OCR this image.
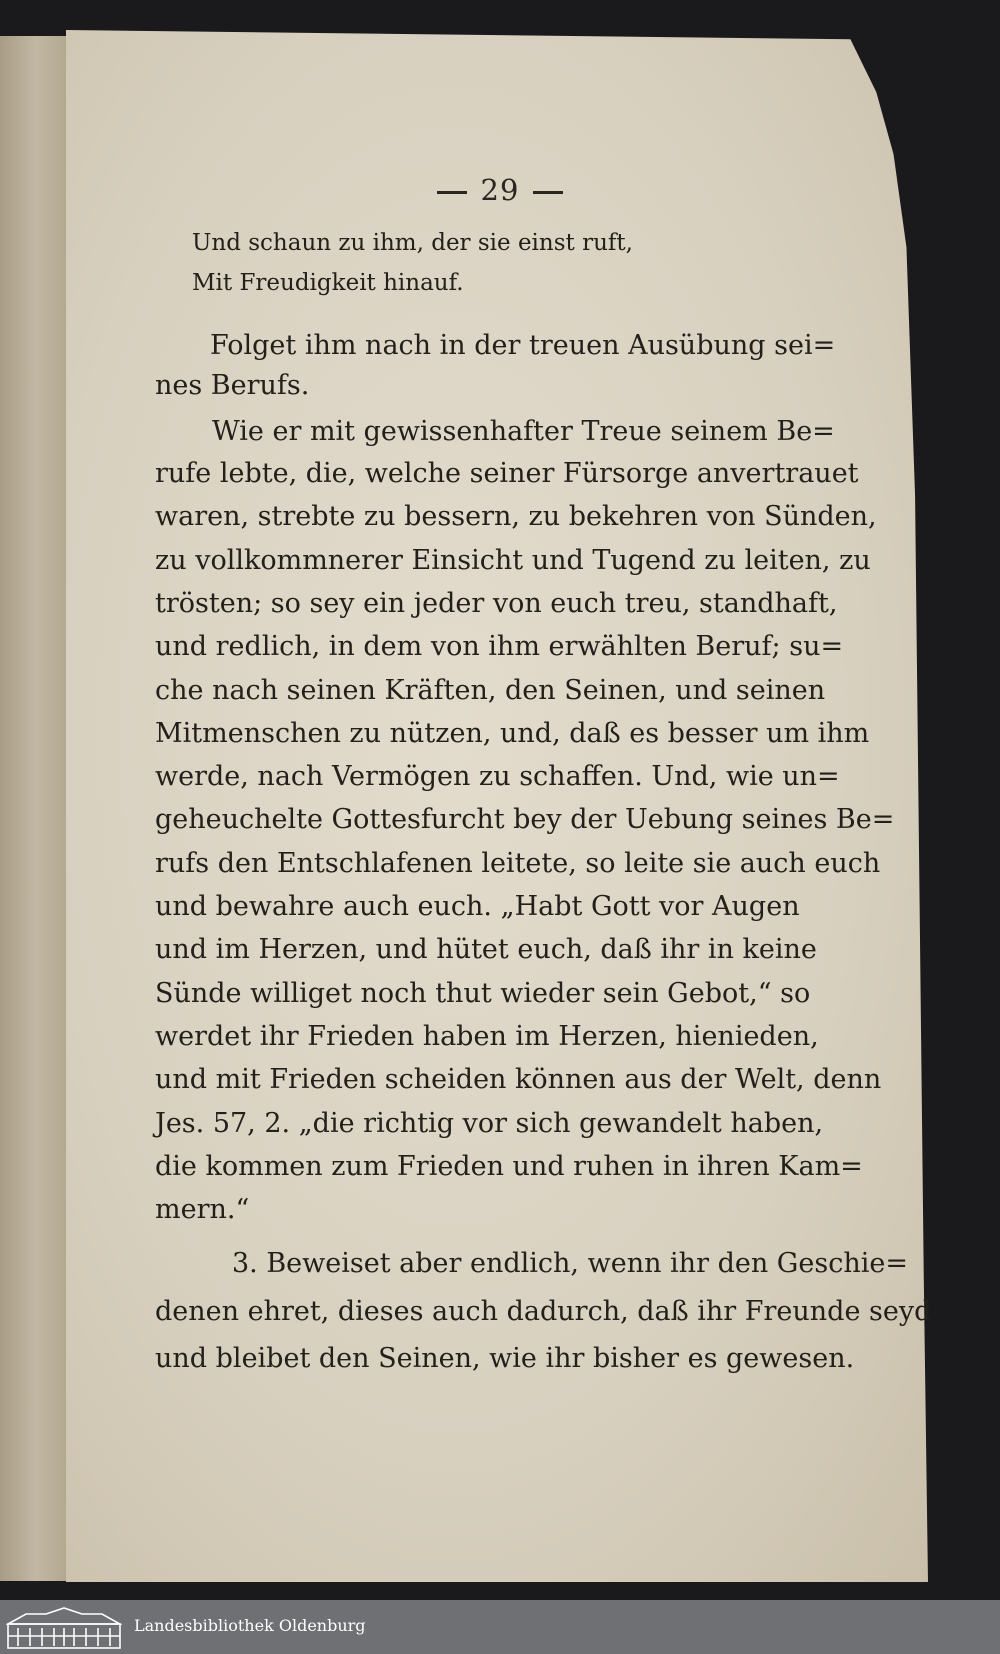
29
Und schaun zu ihm, der sie einst ruft,
Mit Freudigkeit hinauf.
Folget ihm nach in der treuen Ausübung sei=
nes Berufs.
Wie er mit gewissenhafter Treue seinem Be=
rufe lebte, die, welche seiner Fürsorge anvertrauet
waren, strebte zu bessern, zu bekehren von Sünden,
zu vollkommnerer Einsicht und Tugend zu leiten, zu
trösten; so sey ein jeder von euch treu, standhaft,
und redlich, in dem von ihm erwählten Beruf; su=
che nach seinen Kräften, den Seinen, und seinen
Mitmenschen zu nützen, und, daß es besser um ihm
werde, nach Vermögen zu schaffen. Und, wie un=
geheuchelte Gottesfurcht bey der Uebung seines Be=
rufs den Entschlafenen leitete, so leite sie auch euch
und bewahre auch euch. „Habt Gott vor Augen
und im Herzen, und hütet euch, daß ihr in keine
Sünde williget noch thut wieder sein Gebot,“ so
werdet ihr Frieden haben im Herzen, hienieden,
und mit Frieden scheiden können aus der Welt, denn
Jes. 57, 2. „die richtig vor sich gewandelt haben,
die kommen zum Frieden und ruhen in ihren Kam=
mern.“
3. Beweiset aber endlich, wenn ihr den Geschie=
denen ehret, dieses auch dadurch, daß ihr Freunde seyd
und bleibet den Seinen, wie ihr bisher es gewesen.
Landesbibliothek Oldenburg
